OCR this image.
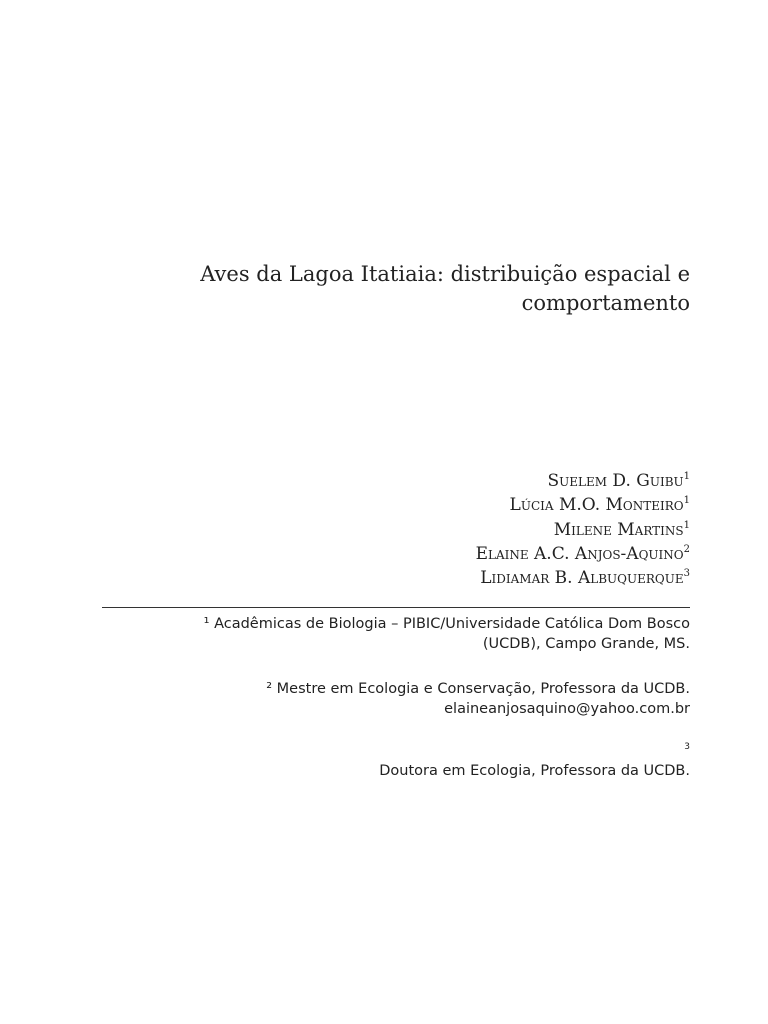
Aves da Lagoa Itatiaia: distribuição espacial e
comportamento
Suelem D. Guibu$^1$
Lúcia M.O. Monteiro$^1$
Milene Martins$^1$
Elaine A.C. Anjos-Aquino$^2$
Lidiamar B. Albuquerque$^3$
¹ Acadêmicas de Biologia – PIBIC/Universidade Católica Dom Bosco
(UCDB), Campo Grande, MS.
² Mestre em Ecologia e Conservação, Professora da UCDB.
elaineanjosaquino@yahoo.com.br
$^3$
Doutora em Ecologia, Professora da UCDB.
